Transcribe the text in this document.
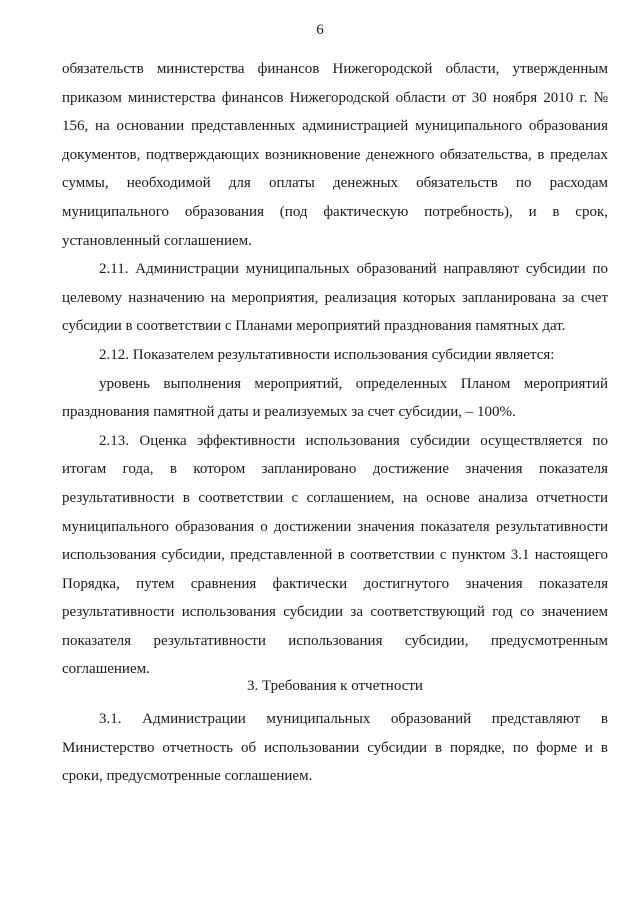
6

обязательств министерства финансов Нижегородской области, утвержденным приказом министерства финансов Нижегородской области от 30 ноября 2010 г. № 156, на основании представленных администрацией муниципального образования документов, подтверждающих возникновение денежного обязательства, в пределах суммы, необходимой для оплаты денежных обязательств по расходам муниципального образования (под фактическую потребность), и в срок, установленный соглашением.

2.11. Администрации муниципальных образований направляют субсидии по целевому назначению на мероприятия, реализация которых запланирована за счет субсидии в соответствии с Планами мероприятий празднования памятных дат.

2.12. Показателем результативности использования субсидии является:

уровень выполнения мероприятий, определенных Планом мероприятий празднования памятной даты и реализуемых за счет субсидии, – 100%.

2.13. Оценка эффективности использования субсидии осуществляется по итогам года, в котором запланировано достижение значения показателя результативности в соответствии с соглашением, на основе анализа отчетности муниципального образования о достижении значения показателя результативности использования субсидии, представленной в соответствии с пунктом 3.1 настоящего Порядка, путем сравнения фактически достигнутого значения показателя результативности использования субсидии за соответствующий год со значением показателя результативности использования субсидии, предусмотренным соглашением.

3. Требования к отчетности

3.1. Администрации муниципальных образований представляют в Министерство отчетность об использовании субсидии в порядке, по форме и в сроки, предусмотренные соглашением.
